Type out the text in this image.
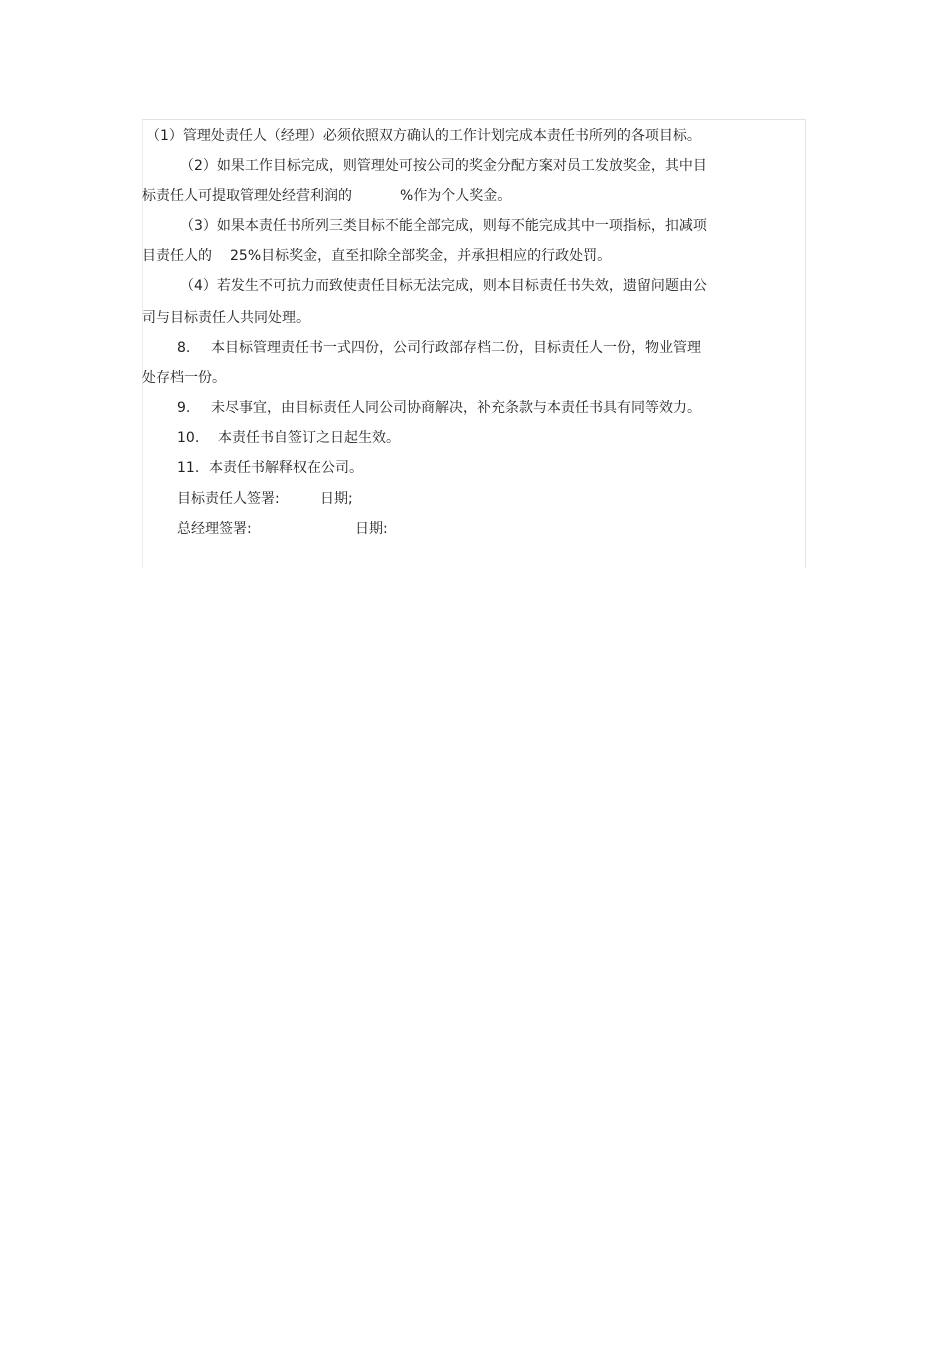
（1）管理处责任人（经理）必须依照双方确认的工作计划完成本责任书所列的各项目标。
（2）如果工作目标完成，则管理处可按公司的奖金分配方案对员工发放奖金，其中目
标责任人可提取管理处经营利润的	%作为个人奖金。
（3）如果本责任书所列三类目标不能全部完成，则每不能完成其中一项指标，扣减项
目责任人的 25%目标奖金，直至扣除全部奖金，并承担相应的行政处罚。
（4）若发生不可抗力而致使责任目标无法完成，则本目标责任书失效，遗留问题由公
司与目标责任人共同处理。
8. 本目标管理责任书一式四份，公司行政部存档二份，目标责任人一份，物业管理
处存档一份。
9. 未尽事宜，由目标责任人同公司协商解决，补充条款与本责任书具有同等效力。
10. 本责任书自签订之日起生效。
11. 本责任书解释权在公司。
目标责任人签署:	日期;
总经理签署:	日期:
